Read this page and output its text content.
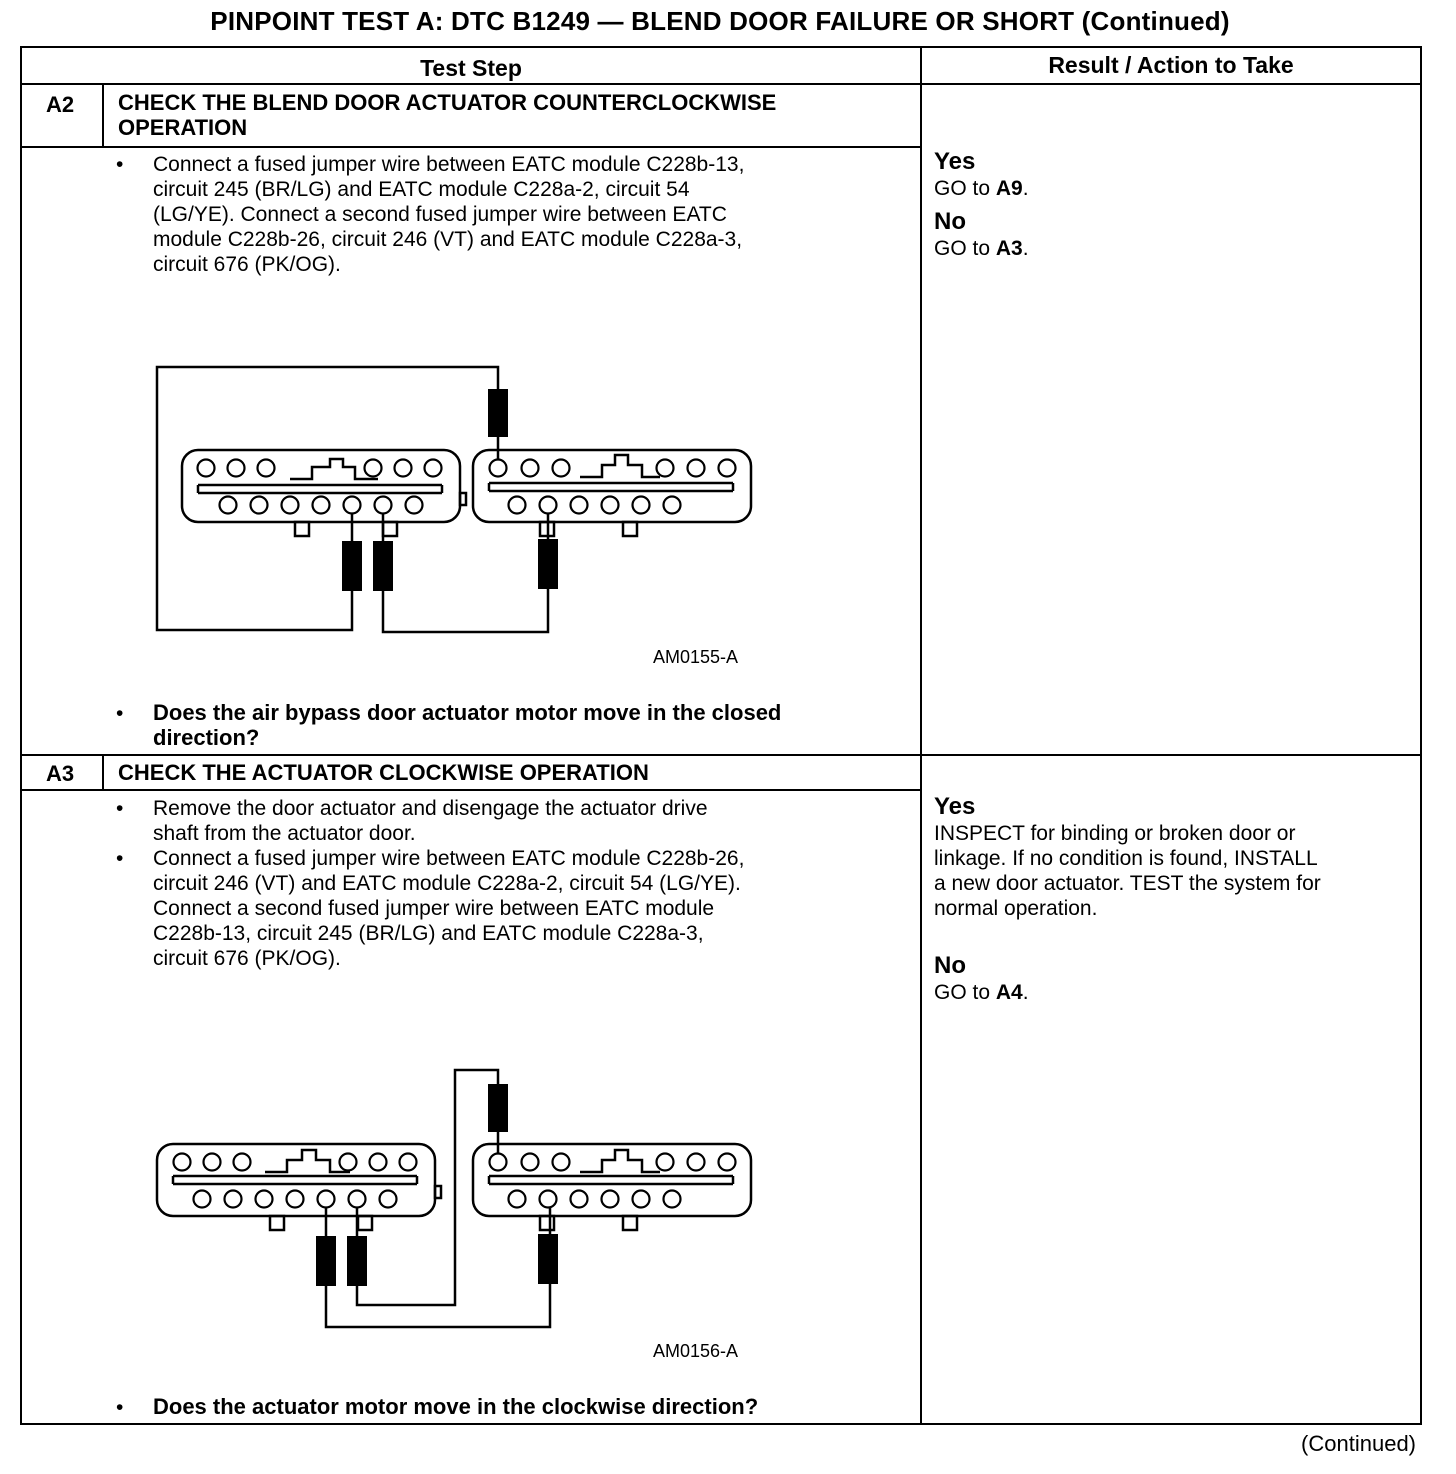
PINPOINT TEST A: DTC B1249 — BLEND DOOR FAILURE OR SHORT (Continued)
Test Step	Result / Action to Take
A2 CHECK THE BLEND DOOR ACTUATOR COUNTERCLOCKWISE
OPERATION
• Connect a fused jumper wire between EATC module C228b-13,
circuit 245 (BR/LG) and EATC module C228a-2, circuit 54
(LG/YE). Connect a second fused jumper wire between EATC
module C228b-26, circuit 246 (VT) and EATC module C228a-3,
circuit 676 (PK/OG).
AM0155-A
• Does the air bypass door actuator motor move in the closed
direction?
Yes
GO to A9.
No
GO to A3.
A3 CHECK THE ACTUATOR CLOCKWISE OPERATION
• Remove the door actuator and disengage the actuator drive
shaft from the actuator door.
• Connect a fused jumper wire between EATC module C228b-26,
circuit 246 (VT) and EATC module C228a-2, circuit 54 (LG/YE).
Connect a second fused jumper wire between EATC module
C228b-13, circuit 245 (BR/LG) and EATC module C228a-3,
circuit 676 (PK/OG).
AM0156-A
• Does the actuator motor move in the clockwise direction?
Yes
INSPECT for binding or broken door or
linkage. If no condition is found, INSTALL
a new door actuator. TEST the system for
normal operation.
No
GO to A4.
(Continued)
